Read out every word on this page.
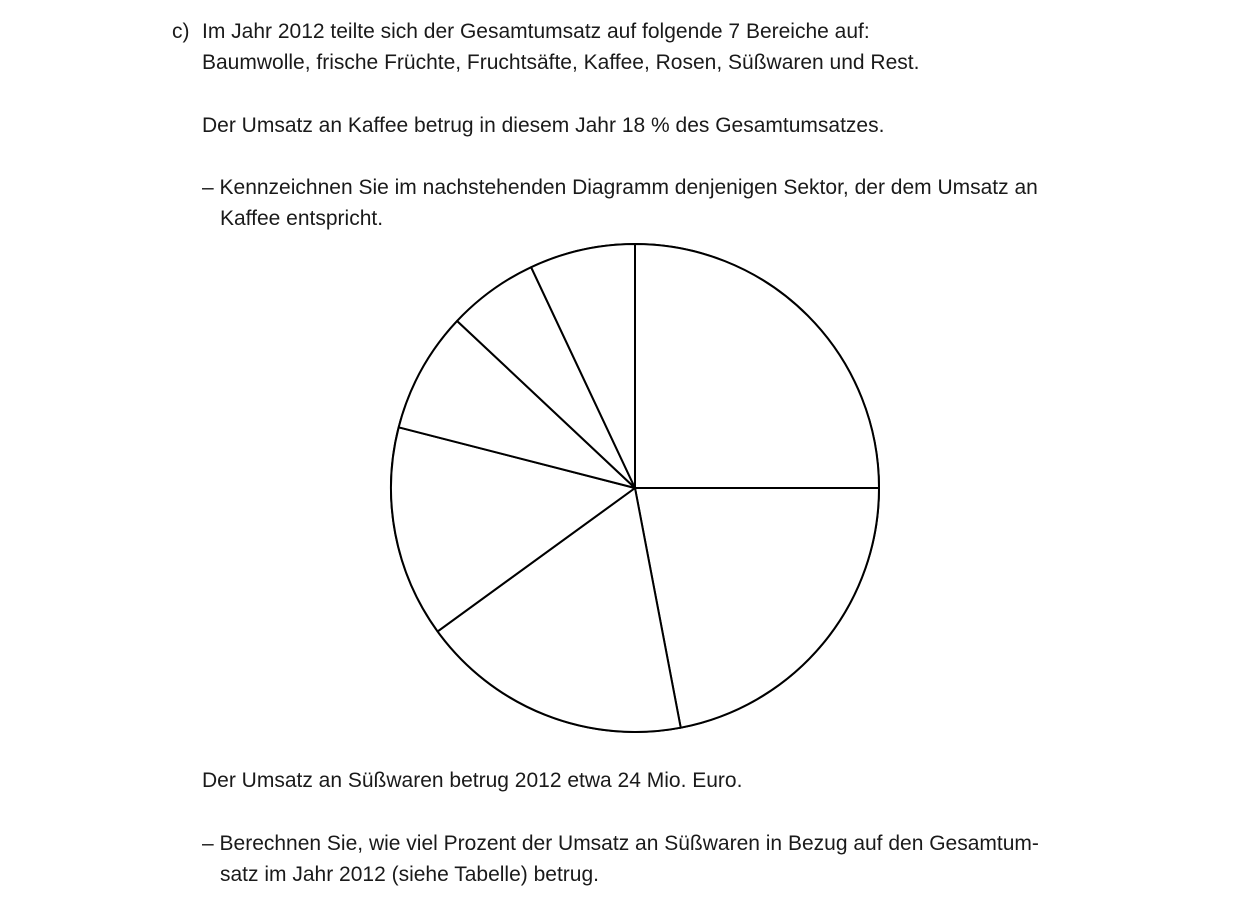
c) Im Jahr 2012 teilte sich der Gesamtumsatz auf folgende 7 Bereiche auf:
Baumwolle, frische Früchte, Fruchtsäfte, Kaffee, Rosen, Süßwaren und Rest.
Der Umsatz an Kaffee betrug in diesem Jahr 18 % des Gesamtumsatzes.
– Kennzeichnen Sie im nachstehenden Diagramm denjenigen Sektor, der dem Umsatz an
Kaffee entspricht.
Der Umsatz an Süßwaren betrug 2012 etwa 24 Mio. Euro.
– Berechnen Sie, wie viel Prozent der Umsatz an Süßwaren in Bezug auf den Gesamtum-
satz im Jahr 2012 (siehe Tabelle) betrug.
